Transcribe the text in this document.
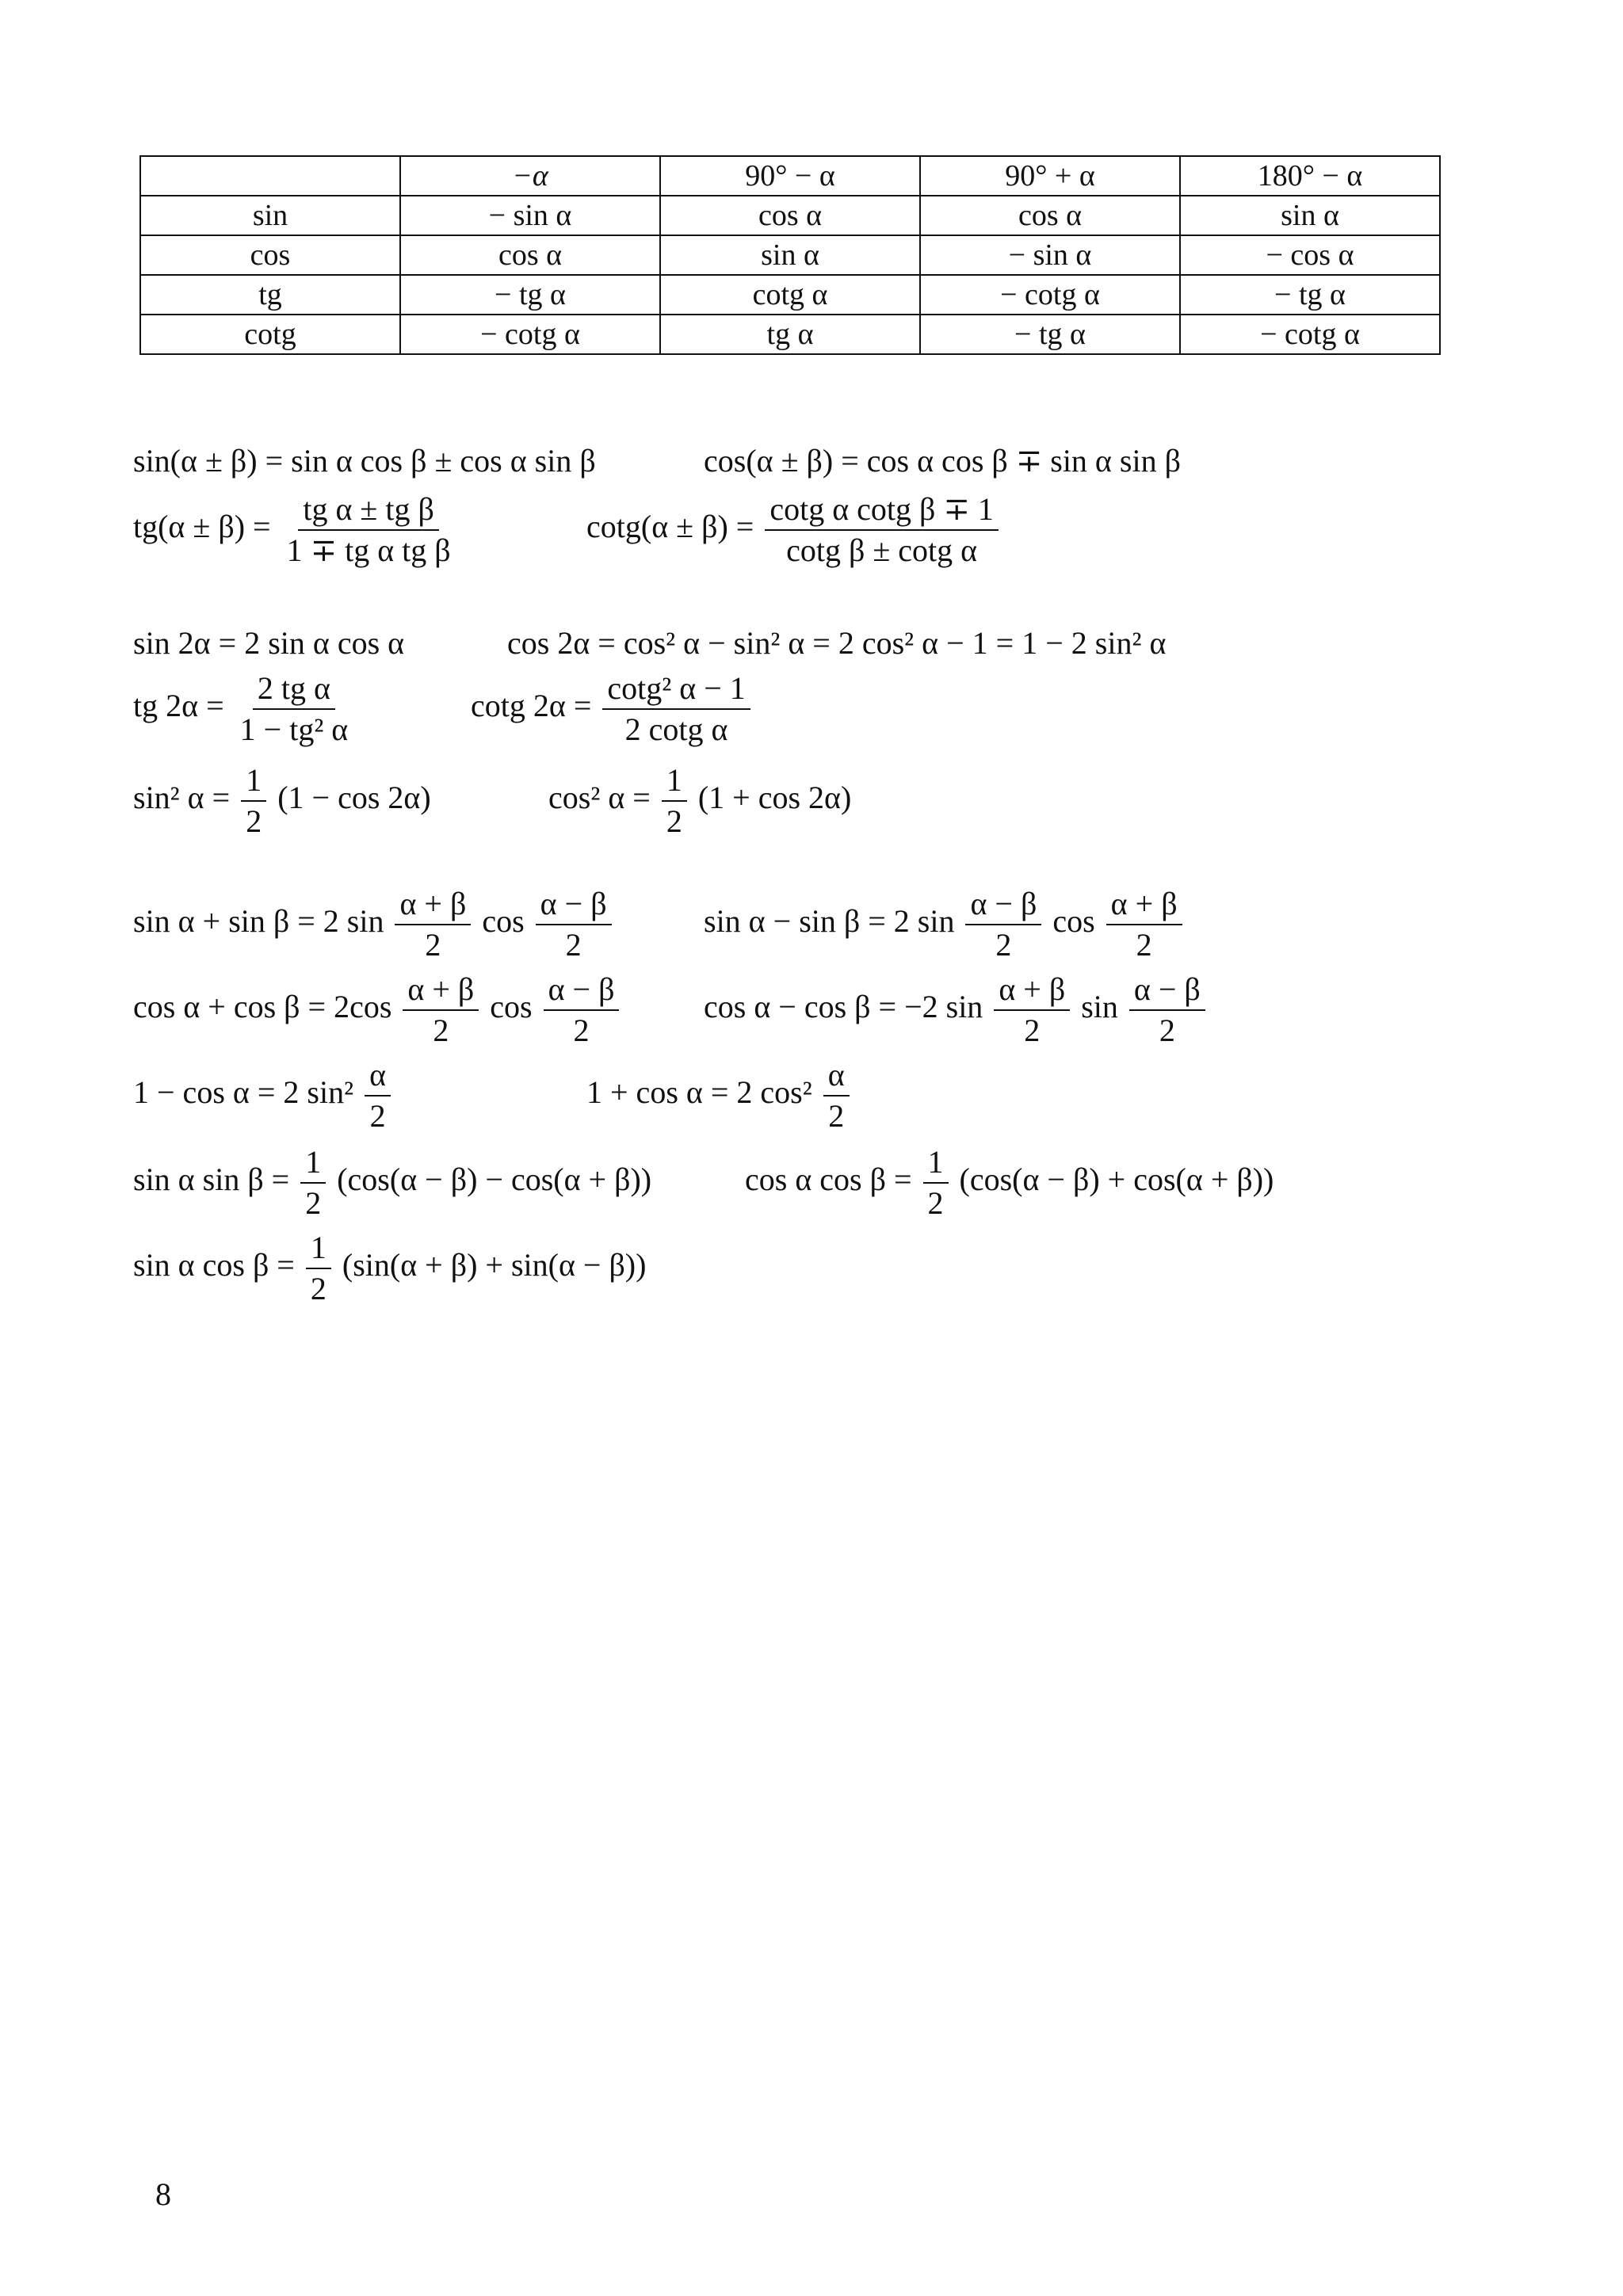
	−α	90° − α	90° + α	180° − α
sin	− sin α	cos α	cos α	sin α
cos	cos α	sin α	− sin α	− cos α
tg	− tg α	cotg α	− cotg α	− tg α
cotg	− cotg α	tg α	− tg α	− cotg α
sin(α ± β) = sin α cos β ± cos α sin β	cos(α ± β) = cos α cos β ∓ sin α sin β
$tg(\alpha \pm \beta) = \frac{\text{tg α ± tg β}}{\text{1 ∓ tg α tg β}}$	$\cot g(\alpha \pm \beta) = \frac{\text{cotg α cotg β ∓ 1}}{\text{cotg β ± cotg α}}$
sin 2α = 2 sin α cos α	cos 2α = cos² α − sin² α = 2 cos² α − 1 = 1 − 2 sin² α
tg $2\alpha = \frac{\text{2 tg α}}{\text{1 − tg² α}}$	cotg $2\alpha = \frac{\text{cotg² α − 1}}{\text{2 cotg α}}$
sin² $\alpha = \frac{1}{2} (1 - \cos 2\alpha)$	cos² $\alpha = \frac{1}{2} (1 + \cos 2\alpha)$
sin α + sin β = 2 $\sin \frac{\alpha + \beta}{2}$ $\cos \frac{\alpha - \beta}{2}$	sin α − sin β = 2 $\sin \frac{\alpha - \beta}{2}$ $\cos \frac{\alpha + \beta}{2}$
$\cos \alpha + \cos \beta = 2\cos \frac{\alpha + \beta}{2}$ $\cos \frac{\alpha - \beta}{2}$	cos α − cos β = −2 $\sin \frac{\alpha + \beta}{2}$ $\sin \frac{\alpha - \beta}{2}$
1 − cos α = 2 $\sin^2 \frac{\alpha}{2}$	1 + cos α = 2 $\cos^2 \frac{\alpha}{2}$
sin α $\sin \beta = \frac{1}{2} (\cos(\alpha - \beta) - \cos(\alpha + \beta))$	cos α $\cos \beta = \frac{1}{2} (\cos(\alpha - \beta) + \cos(\alpha + \beta))$
sin α $\cos \beta = \frac{1}{2} (\sin(\alpha + \beta) + \sin(\alpha - \beta))$
8
